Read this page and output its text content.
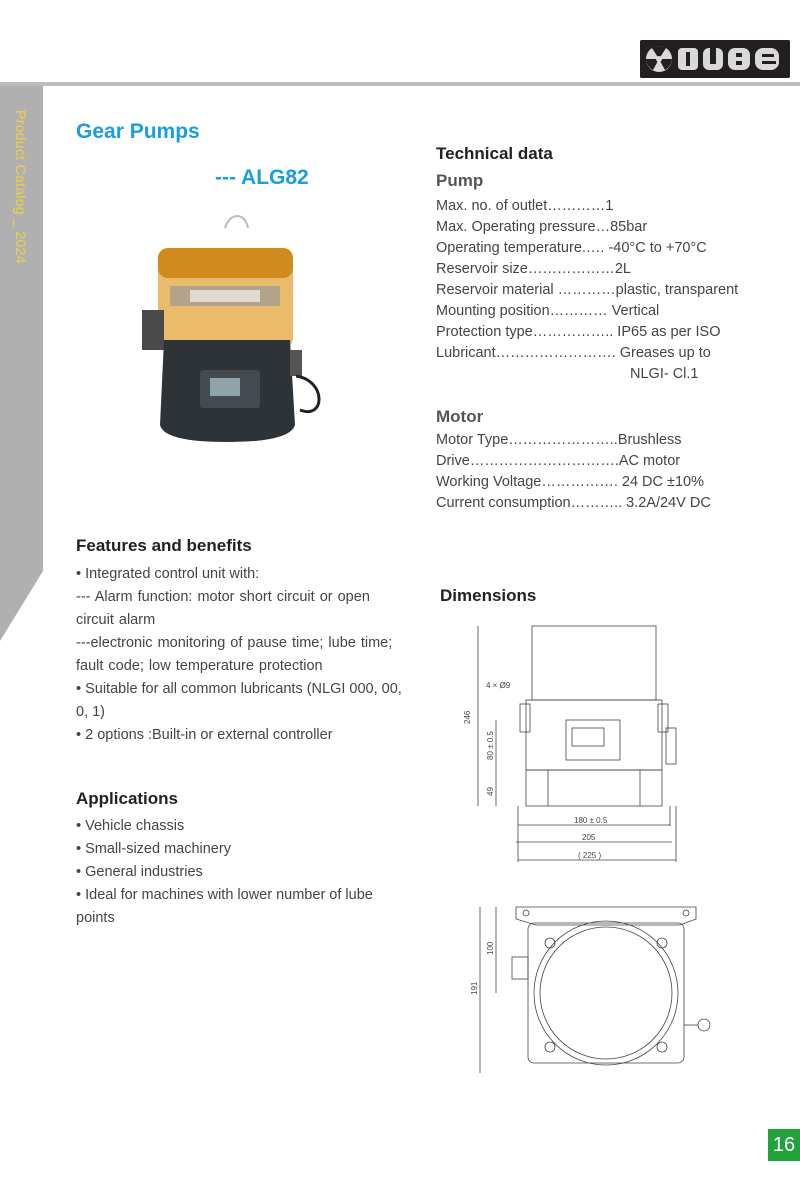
Product Catalog _ 2024 Gear Pumps
--- ALG82
Technical data
Pump
Max. no. of outlet…………1
Max. Operating pressure…85bar
Operating temperature.…. -40°C to +70°C
Reservoir size………………2L
Reservoir material …………plastic, transparent
Mounting position………… Vertical
Protection type…………….. IP65 as per ISO
Lubricant……………………. Greases up to
NLGI- Cl.1
Motor
Motor Type…………………..Brushless
Drive………………………….AC motor
Working Voltage……………. 24 DC ±10%
Current consumption……….. 3.2A/24V DC
Features and benefits
• Integrated control unit with:
--- Alarm function: motor short circuit or open circuit alarm
---electronic monitoring of pause time; lube time; fault code; low temperature protection
• Suitable for all common lubricants (NLGI 000, 00, 0, 1)
• 2 options :Built-in or external controller
Applications
• Vehicle chassis
• Small-sized machinery
• General industries
• Ideal for machines with lower number of lube points
Dimensions
4 × Ø9
246
80 ± 0.5
49
180 ± 0.5
205
( 225 )
100
191
16
